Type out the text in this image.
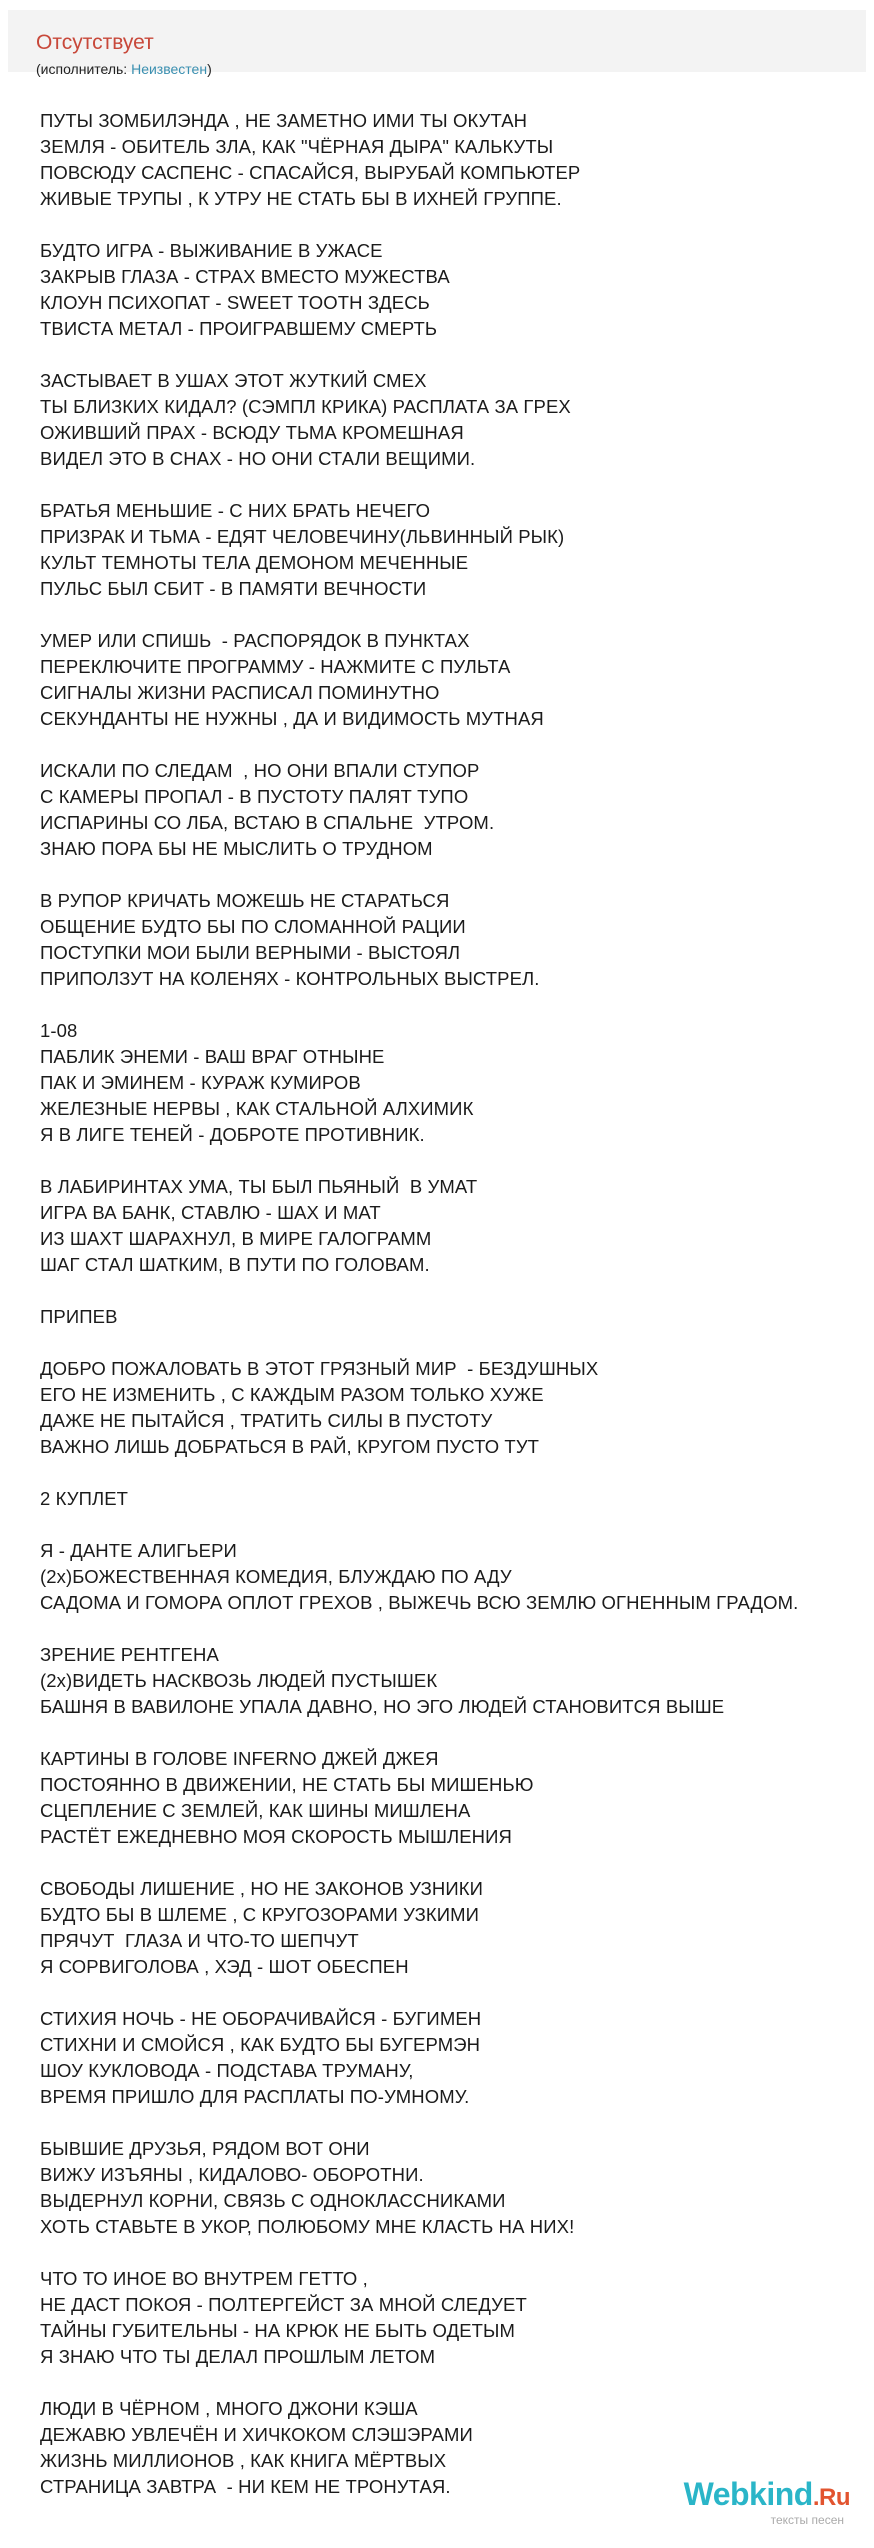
Отсутствует
(исполнитель: Неизвестен)
ПУТЫ ЗОМБИЛЭНДА , НЕ ЗАМЕТНО ИМИ ТЫ ОКУТАН
ЗЕМЛЯ - ОБИТЕЛЬ ЗЛА, КАК "ЧЁРНАЯ ДЫРА" КАЛЬКУТЫ
ПОВСЮДУ САСПЕНС - СПАСАЙСЯ, ВЫРУБАЙ КОМПЬЮТЕР
ЖИВЫЕ ТРУПЫ , К УТРУ НЕ СТАТЬ БЫ В ИХНЕЙ ГРУППЕ.
БУДТО ИГРА - ВЫЖИВАНИЕ В УЖАСЕ
ЗАКРЫВ ГЛАЗА - СТРАХ ВМЕСТО МУЖЕСТВА
КЛОУН ПСИХОПАТ - SWEET TOOTH ЗДЕСЬ
ТВИСТА МЕТАЛ - ПРОИГРАВШЕМУ СМЕРТЬ
ЗАСТЫВАЕТ В УШАХ ЭТОТ ЖУТКИЙ СМЕХ
ТЫ БЛИЗКИХ КИДАЛ? (СЭМПЛ КРИКА) РАСПЛАТА ЗА ГРЕХ
ОЖИВШИЙ ПРАХ - ВСЮДУ ТЬМА КРОМЕШНАЯ
ВИДЕЛ ЭТО В СНАХ - НО ОНИ СТАЛИ ВЕЩИМИ.
БРАТЬЯ МЕНЬШИЕ - С НИХ БРАТЬ НЕЧЕГО
ПРИЗРАК И ТЬМА - ЕДЯТ ЧЕЛОВЕЧИНУ(ЛЬВИННЫЙ РЫК)
КУЛЬТ ТЕМНОТЫ ТЕЛА ДЕМОНОМ МЕЧЕННЫЕ
ПУЛЬС БЫЛ СБИТ - В ПАМЯТИ ВЕЧНОСТИ
УМЕР ИЛИ СПИШЬ  - РАСПОРЯДОК В ПУНКТАХ
ПЕРЕКЛЮЧИТЕ ПРОГРАММУ - НАЖМИТЕ С ПУЛЬТА
СИГНАЛЫ ЖИЗНИ РАСПИСАЛ ПОМИНУТНО
СЕКУНДАНТЫ НЕ НУЖНЫ , ДА И ВИДИМОСТЬ МУТНАЯ
ИСКАЛИ ПО СЛЕДАМ  , НО ОНИ ВПАЛИ СТУПОР
С КАМЕРЫ ПРОПАЛ - В ПУСТОТУ ПАЛЯТ ТУПО
ИСПАРИНЫ СО ЛБА, ВСТАЮ В СПАЛЬНЕ  УТРОМ.
ЗНАЮ ПОРА БЫ НЕ МЫСЛИТЬ О ТРУДНОМ
В РУПОР КРИЧАТЬ МОЖЕШЬ НЕ СТАРАТЬСЯ
ОБЩЕНИЕ БУДТО БЫ ПО СЛОМАННОЙ РАЦИИ
ПОСТУПКИ МОИ БЫЛИ ВЕРНЫМИ - ВЫСТОЯЛ
ПРИПОЛЗУТ НА КОЛЕНЯХ - КОНТРОЛЬНЫХ ВЫСТРЕЛ.
1-08
ПАБЛИК ЭНЕМИ - ВАШ ВРАГ ОТНЫНЕ
ПАК И ЭМИНЕМ - КУРАЖ КУМИРОВ
ЖЕЛЕЗНЫЕ НЕРВЫ , КАК СТАЛЬНОЙ АЛХИМИК
Я В ЛИГЕ ТЕНЕЙ - ДОБРОТЕ ПРОТИВНИК.
В ЛАБИРИНТАХ УМА, ТЫ БЫЛ ПЬЯНЫЙ  В УМАТ
ИГРА ВА БАНК, СТАВЛЮ - ШАХ И МАТ
ИЗ ШАХТ ШАРАХНУЛ, В МИРЕ ГАЛОГРАММ
ШАГ СТАЛ ШАТКИМ, В ПУТИ ПО ГОЛОВАМ.
ПРИПЕВ
ДОБРО ПОЖАЛОВАТЬ В ЭТОТ ГРЯЗНЫЙ МИР  - БЕЗДУШНЫХ
ЕГО НЕ ИЗМЕНИТЬ , С КАЖДЫМ РАЗОМ ТОЛЬКО ХУЖЕ
ДАЖЕ НЕ ПЫТАЙСЯ , ТРАТИТЬ СИЛЫ В ПУСТОТУ
ВАЖНО ЛИШЬ ДОБРАТЬСЯ В РАЙ, КРУГОМ ПУСТО ТУТ
2 КУПЛЕТ
Я - ДАНТЕ АЛИГЬЕРИ
(2х)БОЖЕСТВЕННАЯ КОМЕДИЯ, БЛУЖДАЮ ПО АДУ
САДОМА И ГОМОРА ОПЛОТ ГРЕХОВ , ВЫЖЕЧЬ ВСЮ ЗЕМЛЮ ОГНЕННЫМ ГРАДОМ.
ЗРЕНИЕ РЕНТГЕНА
(2х)ВИДЕТЬ НАСКВОЗЬ ЛЮДЕЙ ПУСТЫШЕК
БАШНЯ В ВАВИЛОНЕ УПАЛА ДАВНО, НО ЭГО ЛЮДЕЙ СТАНОВИТСЯ ВЫШЕ
КАРТИНЫ В ГОЛОВЕ INFERNO ДЖЕЙ ДЖЕЯ
ПОСТОЯННО В ДВИЖЕНИИ, НЕ СТАТЬ БЫ МИШЕНЬЮ
СЦЕПЛЕНИЕ С ЗЕМЛЕЙ, КАК ШИНЫ МИШЛЕНА
РАСТЁТ ЕЖЕДНЕВНО МОЯ СКОРОСТЬ МЫШЛЕНИЯ
СВОБОДЫ ЛИШЕНИЕ , НО НЕ ЗАКОНОВ УЗНИКИ
БУДТО БЫ В ШЛЕМЕ , С КРУГОЗОРАМИ УЗКИМИ
ПРЯЧУТ  ГЛАЗА И ЧТО-ТО ШЕПЧУТ
Я СОРВИГОЛОВА , ХЭД - ШОТ ОБЕСПЕН
СТИХИЯ НОЧЬ - НЕ ОБОРАЧИВАЙСЯ - БУГИМЕН
СТИХНИ И СМОЙСЯ , КАК БУДТО БЫ БУГЕРМЭН
ШОУ КУКЛОВОДА - ПОДСТАВА ТРУМАНУ,
ВРЕМЯ ПРИШЛО ДЛЯ РАСПЛАТЫ ПО-УМНОМУ.
БЫВШИЕ ДРУЗЬЯ, РЯДОМ ВОТ ОНИ
ВИЖУ ИЗЪЯНЫ , КИДАЛОВО- ОБОРОТНИ.
ВЫДЕРНУЛ КОРНИ, СВЯЗЬ С ОДНОКЛАССНИКАМИ
ХОТЬ СТАВЬТЕ В УКОР, ПОЛЮБОМУ МНЕ КЛАСТЬ НА НИХ!
ЧТО ТО ИНОЕ ВО ВНУТРЕМ ГЕТТО ,
НЕ ДАСТ ПОКОЯ - ПОЛТЕРГЕЙСТ ЗА МНОЙ СЛЕДУЕТ
ТАЙНЫ ГУБИТЕЛЬНЫ - НА КРЮК НЕ БЫТЬ ОДЕТЫМ
Я ЗНАЮ ЧТО ТЫ ДЕЛАЛ ПРОШЛЫМ ЛЕТОМ
ЛЮДИ В ЧЁРНОМ , МНОГО ДЖОНИ КЭША
ДЕЖАВЮ УВЛЕЧЁН И ХИЧКОКОМ СЛЭШЭРАМИ
ЖИЗНЬ МИЛЛИОНОВ , КАК КНИГА МЁРТВЫХ
СТРАНИЦА ЗАВТРА  - НИ КЕМ НЕ ТРОНУТАЯ.	Webkind.Ru
тексты песен
